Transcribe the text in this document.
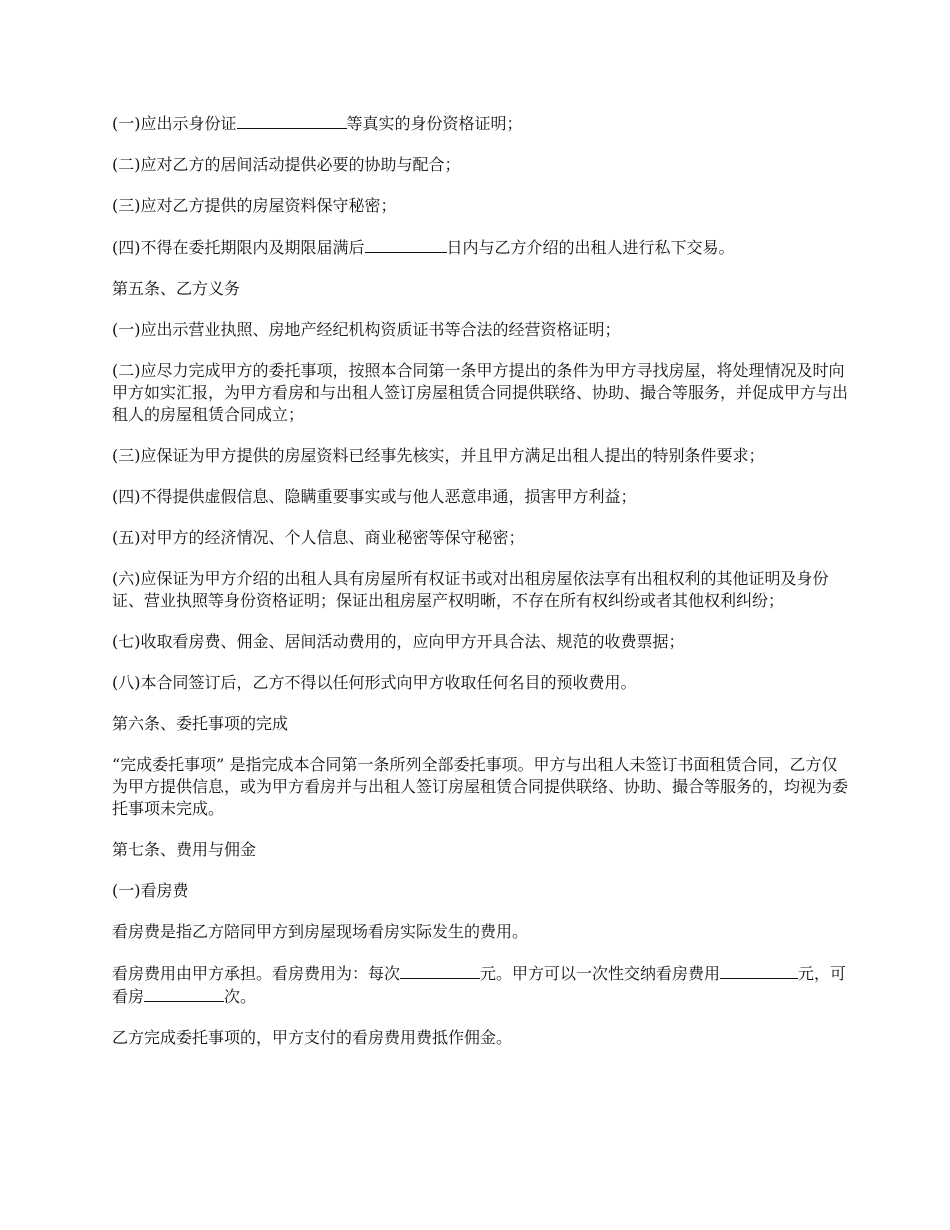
(一)应出示身份证	等真实的身份资格证明；

(二)应对乙方的居间活动提供必要的协助与配合；

(三)应对乙方提供的房屋资料保守秘密；

(四)不得在委托期限内及期限届满后	日内与乙方介绍的出租人进行私下交易。

第五条、乙方义务

(一)应出示营业执照、房地产经纪机构资质证书等合法的经营资格证明；

(二)应尽力完成甲方的委托事项，按照本合同第一条甲方提出的条件为甲方寻找房屋，将处理情况及时向甲方如实汇报，为甲方看房和与出租人签订房屋租赁合同提供联络、协助、撮合等服务，并促成甲方与出租人的房屋租赁合同成立；

(三)应保证为甲方提供的房屋资料已经事先核实，并且甲方满足出租人提出的特别条件要求；

(四)不得提供虚假信息、隐瞒重要事实或与他人恶意串通，损害甲方利益；

(五)对甲方的经济情况、个人信息、商业秘密等保守秘密；

(六)应保证为甲方介绍的出租人具有房屋所有权证书或对出租房屋依法享有出租权利的其他证明及身份证、营业执照等身份资格证明；保证出租房屋产权明晰，不存在所有权纠纷或者其他权利纠纷；

(七)收取看房费、佣金、居间活动费用的，应向甲方开具合法、规范的收费票据；

(八)本合同签订后，乙方不得以任何形式向甲方收取任何名目的预收费用。

第六条、委托事项的完成

“完成委托事项” 是指完成本合同第一条所列全部委托事项。甲方与出租人未签订书面租赁合同，乙方仅为甲方提供信息，或为甲方看房并与出租人签订房屋租赁合同提供联络、协助、撮合等服务的，均视为委托事项未完成。

第七条、费用与佣金

(一)看房费

看房费是指乙方陪同甲方到房屋现场看房实际发生的费用。

看房费用由甲方承担。看房费用为：每次	元。甲方可以一次性交纳看房费用	元，可看房	次。

乙方完成委托事项的，甲方支付的看房费用费抵作佣金。
